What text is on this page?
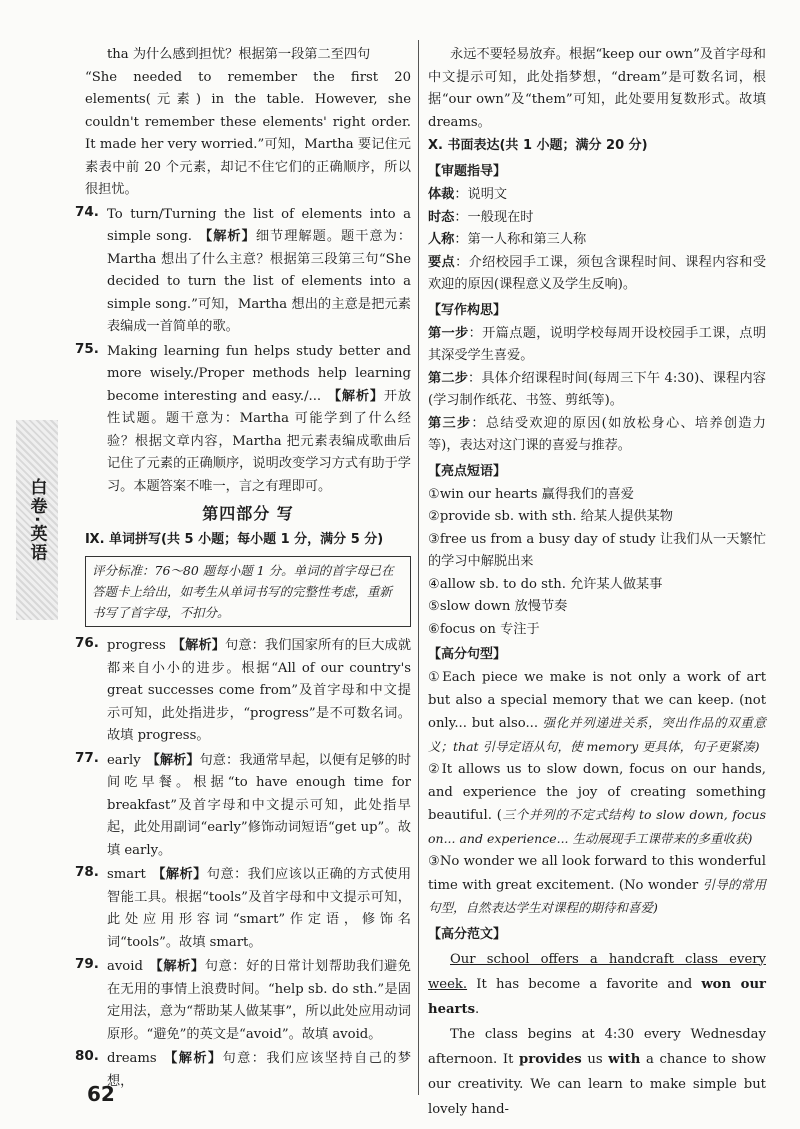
白卷·英语

tha 为什么感到担忧？根据第一段第二至四句

“She needed to remember the first 20 elements(元素) in the table. However, she couldn't remember these elements' right order. It made her very worried.”可知，Martha 要记住元素表中前 20 个元素，却记不住它们的正确顺序，所以很担忧。

74. To turn/Turning the list of elements into a simple song. 【解析】细节理解题。题干意为：Martha 想出了什么主意？根据第三段第三句“She decided to turn the list of elements into a simple song.”可知，Martha 想出的主意是把元素表编成一首简单的歌。

75. Making learning fun helps study better and more wisely./Proper methods help learning become interesting and easy./... 【解析】开放性试题。题干意为：Martha 可能学到了什么经验？根据文章内容，Martha 把元素表编成歌曲后记住了元素的正确顺序，说明改变学习方式有助于学习。本题答案不唯一，言之有理即可。

第四部分 写
Ⅸ. 单词拼写(共 5 小题；每小题 1 分，满分 5 分)
评分标准：76～80 题每小题 1 分。单词的首字母已在答题卡上给出，如考生从单词书写的完整性考虑，重新书写了首字母，不扣分。
76. progress 【解析】句意：我们国家所有的巨大成就都来自小小的进步。根据“All of our country's great successes come from”及首字母和中文提示可知，此处指进步，“progress”是不可数名词。故填 progress。

77. early 【解析】句意：我通常早起，以便有足够的时间吃早餐。根据“to have enough time for breakfast”及首字母和中文提示可知，此处指早起，此处用副词“early”修饰动词短语“get up”。故填 early。

78. smart 【解析】句意：我们应该以正确的方式使用智能工具。根据“tools”及首字母和中文提示可知，此处应用形容词“smart”作定语，修饰名词“tools”。故填 smart。

79. avoid 【解析】句意：好的日常计划帮助我们避免在无用的事情上浪费时间。“help sb. do sth.”是固定用法，意为“帮助某人做某事”，所以此处应用动词原形。“避免”的英文是“avoid”。故填 avoid。

80. dreams 【解析】句意：我们应该坚持自己的梦想，

永远不要轻易放弃。根据“keep our own”及首字母和中文提示可知，此处指梦想，“dream”是可数名词，根据“our own”及“them”可知，此处要用复数形式。故填 dreams。

X. 书面表达(共 1 小题；满分 20 分)
【审题指导】

体裁：说明文

时态：一般现在时

人称：第一人称和第三人称

要点：介绍校园手工课，须包含课程时间、课程内容和受欢迎的原因(课程意义及学生反响)。

【写作构思】

第一步：开篇点题，说明学校每周开设校园手工课，点明其深受学生喜爱。

第二步：具体介绍课程时间(每周三下午 4:30)、课程内容(学习制作纸花、书签、剪纸等)。

第三步：总结受欢迎的原因(如放松身心、培养创造力等)，表达对这门课的喜爱与推荐。

【亮点短语】

①win our hearts 赢得我们的喜爱

②provide sb. with sth. 给某人提供某物

③free us from a busy day of study 让我们从一天繁忙的学习中解脱出来

④allow sb. to do sth. 允许某人做某事

⑤slow down 放慢节奏

⑥focus on 专注于

【高分句型】

①Each piece we make is not only a work of art but also a special memory that we can keep. (not only... but also... 强化并列递进关系，突出作品的双重意义；that 引导定语从句，使 memory 更具体，句子更紧凑)

②It allows us to slow down, focus on our hands, and experience the joy of creating something beautiful. (三个并列的不定式结构 to slow down, focus on... and experience... 生动展现手工课带来的多重收获)

③No wonder we all look forward to this wonderful time with great excitement. (No wonder 引导的常用句型，自然表达学生对课程的期待和喜爱)

【高分范文】

Our school offers a handcraft class every week. It has become a favorite and won our hearts.

The class begins at 4:30 every Wednesday afternoon. It provides us with a chance to show our creativity. We can learn to make simple but lovely hand-

62
